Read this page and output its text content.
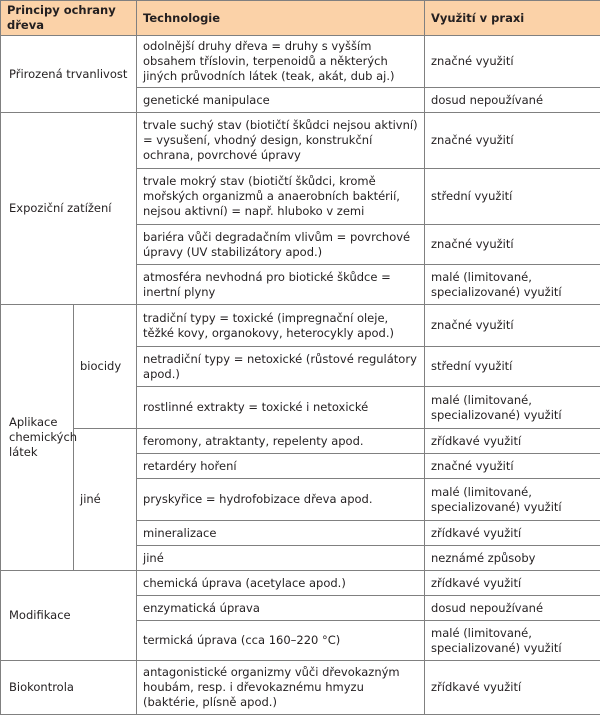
Principy ochrany dřeva		Technologie	Využití v praxi
Přirozená trvanlivost		odolnější druhy dřeva = druhy s vyšším obsahem tříslovin, terpenoidů a některých jiných průvodních látek (teak, akát, dub aj.)	značné využití
		genetické manipulace	dosud nepoužívané
Expoziční zatížení		trvale suchý stav (biotičtí škůdci nejsou aktivní) = vysušení, vhodný design, konstrukční ochrana, povrchové úpravy	značné využití
		trvale mokrý stav (biotičtí škůdci, kromě mořských organizmů a anaerobních baktérií, nejsou aktivní) = např. hluboko v zemi	střední využití
		bariéra vůči degradačním vlivům = povrchové úpravy (UV stabilizátory apod.)	značné využití
		atmosféra nevhodná pro biotické škůdce = inertní plyny	malé (limitované, specializované) využití
Aplikace chemických látek	biocidy	tradiční typy = toxické (impregnační oleje, těžké kovy, organokovy, heterocykly apod.)	značné využití
		netradiční typy = netoxické (růstové regulátory apod.)	střední využití
		rostlinné extrakty = toxické i netoxické	malé (limitované, specializované) využití
	jiné	feromony, atraktanty, repelenty apod.	zřídkavé využití
		retardéry hoření	značné využití
		pryskyřice = hydrofobizace dřeva apod.	malé (limitované, specializované) využití
		mineralizace	zřídkavé využití
		jiné	neznámé způsoby
Modifikace		chemická úprava (acetylace apod.)	zřídkavé využití
		enzymatická úprava	dosud nepoužívané
		termická úprava (cca 160–220 °C)	malé (limitované, specializované) využití
Biokontrola		antagonistické organizmy vůči dřevokazným houbám, resp. i dřevokaznému hmyzu (baktérie, plísně apod.)	zřídkavé využití
